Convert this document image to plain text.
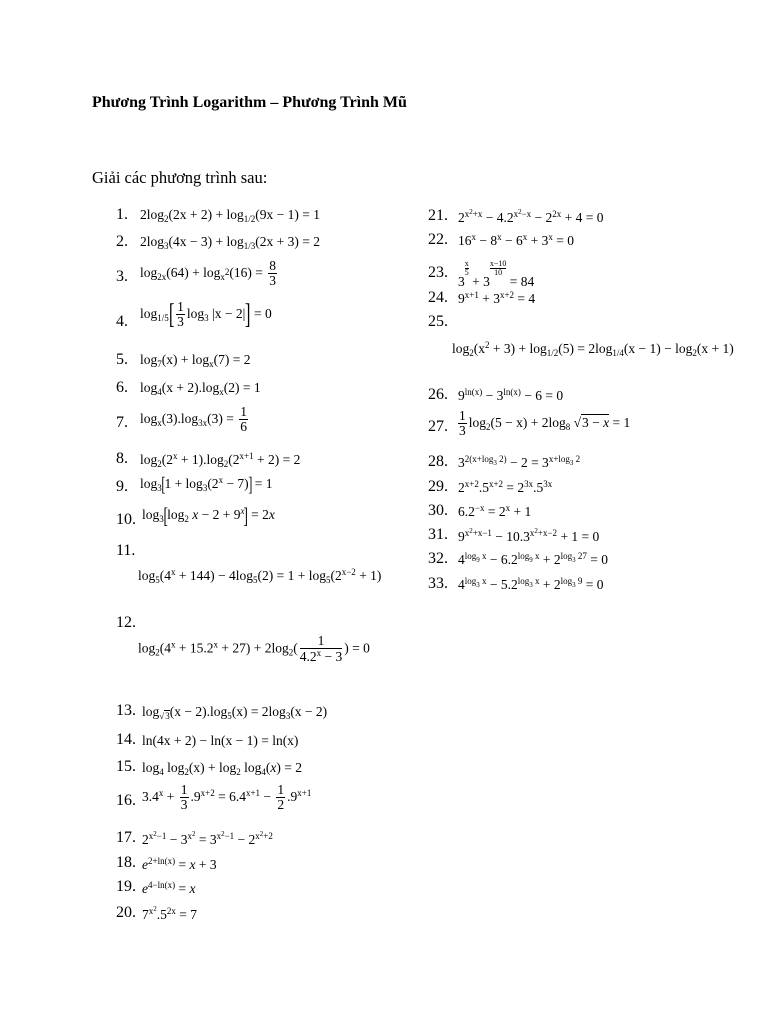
Phương Trình Logarithm – Phương Trình Mũ
Giải các phương trình sau:
1. $2\log_2(2x + 2) + \log_{1/2}(9x - 1) = 1$
2. $2\log_3(4x - 3) + \log_{1/3}(2x + 3) = 2$
3. $\log_{2x}(64) + \log_{x^2}(16) = \frac{8}{3}$
4. $\log_{1/5}[ \frac{1}{3} \log_3 |x - 2|] = 0$
5. $\log_7(x) + \log_x(7) = 2$
6. $\log_4(x + 2).\log_x(2) = 1$
7. $\log_x(3).\log_{3x}(3) = \frac{1}{6}$
8. $\log_2(2^x + 1).\log_2(2^{x+1} + 2) = 2$
9. $\log_3[1 + \log_3(2^x - 7)] = 1$
10. $\log_3[\log_2$ $x - 2 + 9^x] = 2x$
11.
$\log_5(4^x + 144) - 4\log_5(2) = 1 + \log_5(2^{x-2} + 1)$
12.
$\log_2(4^x + 15.2^x + 27) + 2\log_2( \frac{1}{4.2^x - 3}$ ) = 0
13. $\log_{√3}(x - 2).\log_5(x) = 2\log_3(x - 2)$
14. ln(4x + 2) − ln(x − 1) = ln(x)
15. $\log_4 \log_2(x) + \log_2 \log_4(x) = 2$
16. $3.4^x + \frac{1}{3} .9^{x+2} = 6.4^{x+1} - \frac{1}{2} .9^{x+1}$
17. $2^{x^2-1} - 3^{x^2} = 3^{x^2-1} - 2^{x^2+2}$
18. $e^{2+ln(x)} = x + 3$
19. $e^{4-ln(x)} = x$
20. $7^{x^2}.5^{2x} = 7$
21. $2^{x^2+x} - 4.2^{x^2-x} - 2^{2x} + 4 = 0$
22. $16^x - 8^x - 6^x + 3^x = 0$
23.
3
$\frac{x}{5}$
+ 3
$\frac{x-10}{10}$
= 84
24. $9^{x+1} + 3^{x+2} = 4$
25.
$\log_2(x^2 + 3) + \log_{1/2}(5) = 2\log_{1/4}(x - 1) - \log_2(x + 1)$
26. $9^{ln(x)} - 3^{ln(x)} - 6 = 0$
27. $\frac{1}{3} \log_2(5 - x) + 2\log_8$ √3 − x = 1
28. $3^{2(x+log_3 2)} - 2 = 3^{x+log_3 2}$
29. $2^{x+2}.5^{x+2} = 2^{3x}.5^{3x}$
30. $6.2^{-x} = 2^x + 1$
31. $9^{x^2+x-1} - 10.3^{x^2+x-2} + 1 = 0$
32. $4^{log_9 x} - 6.2^{log_9 x} + 2^{log_3 27} = 0$
33. $4^{log_3 x} - 5.2^{log_3 x} + 2^{log_3 9} = 0$
